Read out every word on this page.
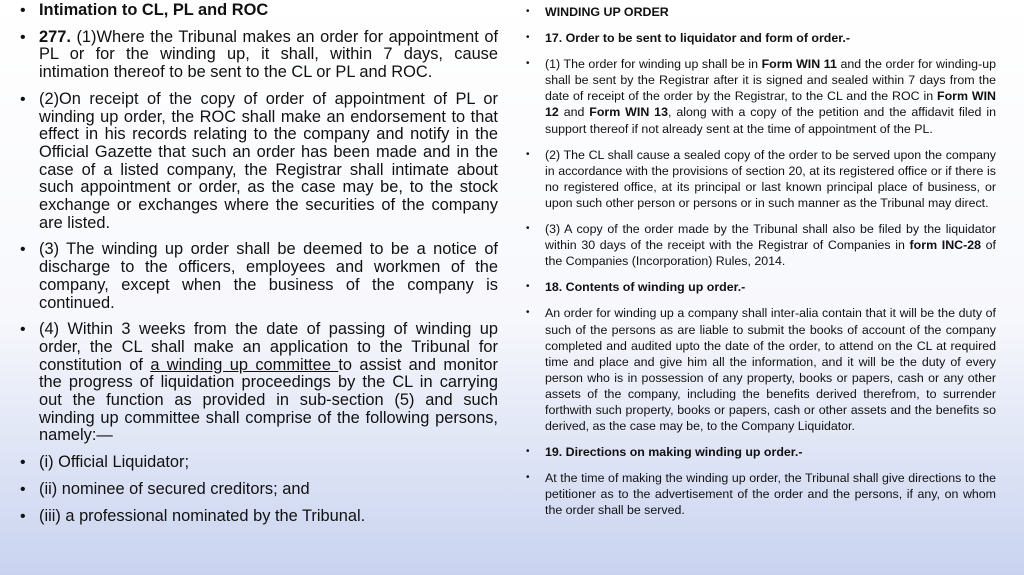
• Intimation to CL, PL and ROC
• 277. (1)Where the Tribunal makes an order for appointment of PL or for the winding up, it shall, within 7 days, cause intimation thereof to be sent to the CL or PL and ROC.
• (2)On receipt of the copy of order of appointment of PL or winding up order, the ROC shall make an endorsement to that effect in his records relating to the company and notify in the Official Gazette that such an order has been made and in the case of a listed company, the Registrar shall intimate about such appointment or order, as the case may be, to the stock exchange or exchanges where the securities of the company are listed.
• (3) The winding up order shall be deemed to be a notice of discharge to the officers, employees and workmen of the company, except when the business of the company is continued.
• (4) Within 3 weeks from the date of passing of winding up order, the CL shall make an application to the Tribunal for constitution of a winding up committee to assist and monitor the progress of liquidation proceedings by the CL in carrying out the function as provided in sub-section (5) and such winding up committee shall comprise of the following persons, namely:—
• (i) Official Liquidator;
• (ii) nominee of secured creditors; and
• (iii) a professional nominated by the Tribunal.
• WINDING UP ORDER
• 17. Order to be sent to liquidator and form of order.-
• (1) The order for winding up shall be in Form WIN 11 and the order for winding-up shall be sent by the Registrar after it is signed and sealed within 7 days from the date of receipt of the order by the Registrar, to the CL and the ROC in Form WIN 12 and Form WIN 13, along with a copy of the petition and the affidavit filed in support thereof if not already sent at the time of appointment of the PL.
• (2) The CL shall cause a sealed copy of the order to be served upon the company in accordance with the provisions of section 20, at its registered office or if there is no registered office, at its principal or last known principal place of business, or upon such other person or persons or in such manner as the Tribunal may direct.
• (3) A copy of the order made by the Tribunal shall also be filed by the liquidator within 30 days of the receipt with the Registrar of Companies in form INC-28 of the Companies (Incorporation) Rules, 2014.
• 18. Contents of winding up order.-
• An order for winding up a company shall inter-alia contain that it will be the duty of such of the persons as are liable to submit the books of account of the company completed and audited upto the date of the order, to attend on the CL at required time and place and give him all the information, and it will be the duty of every person who is in possession of any property, books or papers, cash or any other assets of the company, including the benefits derived therefrom, to surrender forthwith such property, books or papers, cash or other assets and the benefits so derived, as the case may be, to the Company Liquidator.
• 19. Directions on making winding up order.-
• At the time of making the winding up order, the Tribunal shall give directions to the petitioner as to the advertisement of the order and the persons, if any, on whom the order shall be served.
